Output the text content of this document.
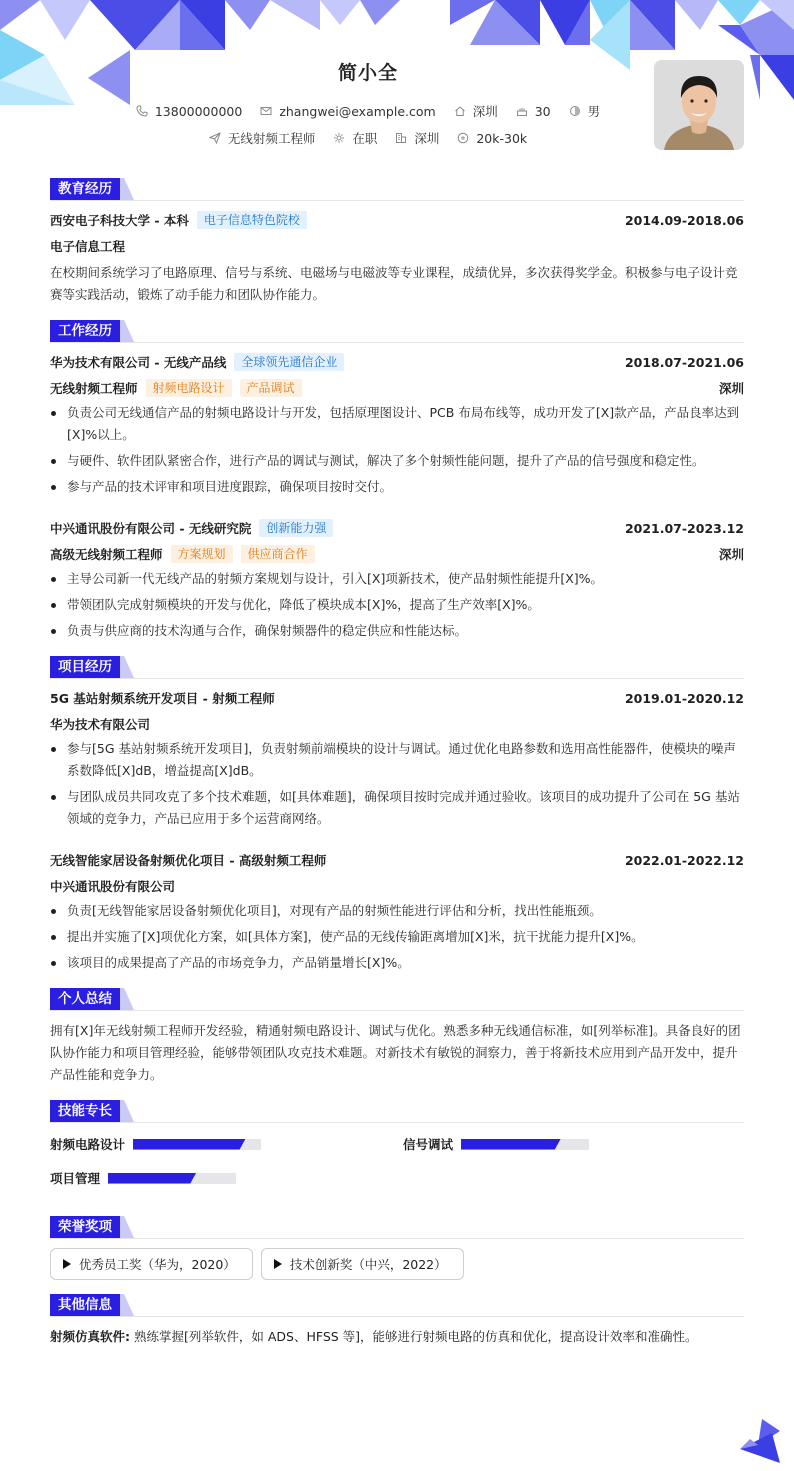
简小全
13800000000	zhangwei@example.com	深圳	30	男
无线射频工程师	在职	深圳	20k-30k
教育经历
西安电子科技大学 - 本科	电子信息特色院校	2014.09-2018.06
电子信息工程
在校期间系统学习了电路原理、信号与系统、电磁场与电磁波等专业课程，成绩优异，多次获得奖学金。积极参与电子设计竞赛等实践活动，锻炼了动手能力和团队协作能力。
工作经历
华为技术有限公司 - 无线产品线	全球领先通信企业	2018.07-2021.06
无线射频工程师	射频电路设计	产品调试	深圳
负责公司无线通信产品的射频电路设计与开发，包括原理图设计、PCB 布局布线等，成功开发了[X]款产品，产品良率达到[X]%以上。
与硬件、软件团队紧密合作，进行产品的调试与测试，解决了多个射频性能问题，提升了产品的信号强度和稳定性。
参与产品的技术评审和项目进度跟踪，确保项目按时交付。
中兴通讯股份有限公司 - 无线研究院	创新能力强	2021.07-2023.12
高级无线射频工程师	方案规划	供应商合作	深圳
主导公司新一代无线产品的射频方案规划与设计，引入[X]项新技术，使产品射频性能提升[X]%。
带领团队完成射频模块的开发与优化，降低了模块成本[X]%，提高了生产效率[X]%。
负责与供应商的技术沟通与合作，确保射频器件的稳定供应和性能达标。
项目经历
5G 基站射频系统开发项目 - 射频工程师	2019.01-2020.12
华为技术有限公司
参与[5G 基站射频系统开发项目]，负责射频前端模块的设计与调试。通过优化电路参数和选用高性能器件，使模块的噪声系数降低[X]dB，增益提高[X]dB。
与团队成员共同攻克了多个技术难题，如[具体难题]，确保项目按时完成并通过验收。该项目的成功提升了公司在 5G 基站领域的竞争力，产品已应用于多个运营商网络。
无线智能家居设备射频优化项目 - 高级射频工程师	2022.01-2022.12
中兴通讯股份有限公司
负责[无线智能家居设备射频优化项目]，对现有产品的射频性能进行评估和分析，找出性能瓶颈。
提出并实施了[X]项优化方案，如[具体方案]，使产品的无线传输距离增加[X]米，抗干扰能力提升[X]%。
该项目的成果提高了产品的市场竞争力，产品销量增长[X]%。
个人总结
拥有[X]年无线射频工程师开发经验，精通射频电路设计、调试与优化。熟悉多种无线通信标准，如[列举标准]。具备良好的团队协作能力和项目管理经验，能够带领团队攻克技术难题。对新技术有敏锐的洞察力，善于将新技术应用到产品开发中，提升产品性能和竞争力。
技能专长
射频电路设计	信号调试
项目管理
荣誉奖项
优秀员工奖（华为，2020）	技术创新奖（中兴，2022）
其他信息
射频仿真软件: 熟练掌握[列举软件，如 ADS、HFSS 等]，能够进行射频电路的仿真和优化，提高设计效率和准确性。
